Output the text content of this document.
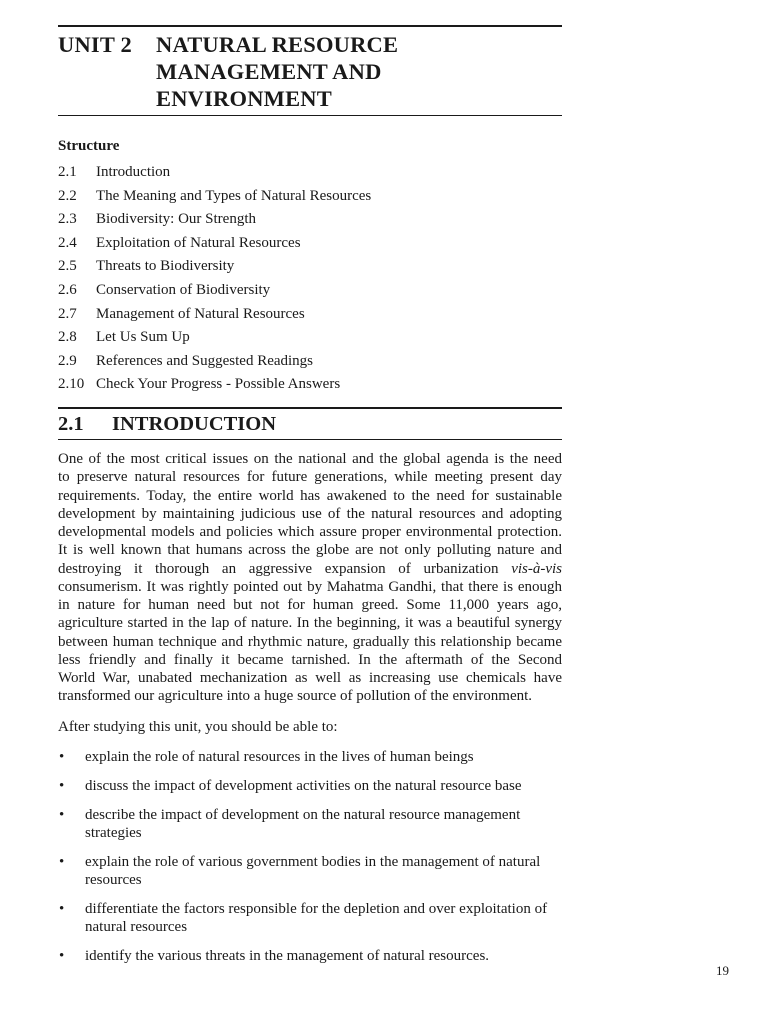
UNIT 2	NATURAL RESOURCE
MANAGEMENT AND
ENVIRONMENT
Structure
2.1	Introduction
2.2	The Meaning and Types of Natural Resources
2.3	Biodiversity: Our Strength
2.4	Exploitation of Natural Resources
2.5	Threats to Biodiversity
2.6	Conservation of Biodiversity
2.7	Management of Natural Resources
2.8	Let Us Sum Up
2.9	References and Suggested Readings
2.10 Check Your Progress - Possible Answers
2.1	INTRODUCTION

One of the most critical issues on the national and the global agenda is the need
to preserve natural resources for future generations, while meeting present day
requirements. Today, the entire world has awakened to the need for sustainable
development by maintaining judicious use of the natural resources and adopting
developmental models and policies which assure proper environmental protection.
It is well known that humans across the globe are not only polluting nature and
destroying it thorough an aggressive expansion of urbanization vis-à-vis
consumerism. It was rightly pointed out by Mahatma Gandhi, that there is enough
in nature for human need but not for human greed. Some 11,000 years ago,
agriculture started in the lap of nature. In the beginning, it was a beautiful synergy
between human technique and rhythmic nature, gradually this relationship became
less friendly and finally it became tarnished. In the aftermath of the Second
World War, unabated mechanization as well as increasing use chemicals have
transformed our agriculture into a huge source of pollution of the environment.

After studying this unit, you should be able to:

•	explain the role of natural resources in the lives of human beings
•	discuss the impact of development activities on the natural resource base
•	describe the impact of development on the natural resource management strategies
•	explain the role of various government bodies in the management of natural resources
•	differentiate the factors responsible for the depletion and over exploitation of natural resources
•	identify the various threats in the management of natural resources.
19
